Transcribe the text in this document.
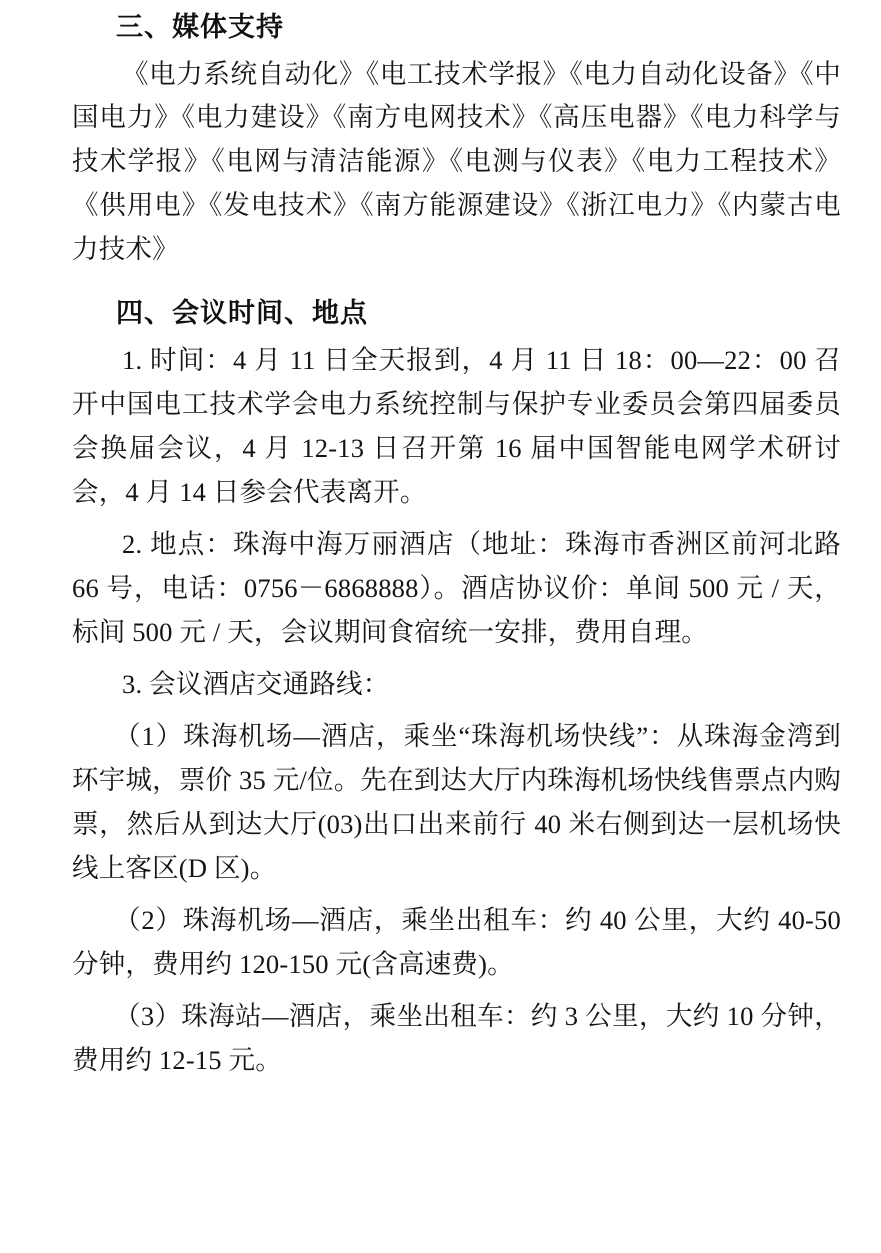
三、媒体支持

《电力系统自动化》《电工技术学报》《电力自动化设备》《中国电力》《电力建设》《南方电网技术》《高压电器》《电力科学与技术学报》《电网与清洁能源》《电测与仪表》《电力工程技术》《供用电》《发电技术》《南方能源建设》《浙江电力》《内蒙古电力技术》

四、会议时间、地点

1. 时间：4 月 11 日全天报到，4 月 11 日 18：00—22：00 召开中国电工技术学会电力系统控制与保护专业委员会第四届委员会换届会议，4 月 12-13 日召开第 16 届中国智能电网学术研讨会，4 月 14 日参会代表离开。

2. 地点：珠海中海万丽酒店（地址：珠海市香洲区前河北路 66 号，电话：0756－6868888）。酒店协议价：单间 500 元 / 天，标间 500 元 / 天，会议期间食宿统一安排，费用自理。

3. 会议酒店交通路线：

（1）珠海机场—酒店，乘坐“珠海机场快线”：从珠海金湾到环宇城，票价 35 元/位。先在到达大厅内珠海机场快线售票点内购票，然后从到达大厅(03)出口出来前行 40 米右侧到达一层机场快线上客区(D 区)。

（2）珠海机场—酒店，乘坐出租车：约 40 公里，大约 40-50 分钟，费用约 120-150 元(含高速费)。

（3）珠海站—酒店，乘坐出租车：约 3 公里，大约 10 分钟，费用约 12-15 元。
